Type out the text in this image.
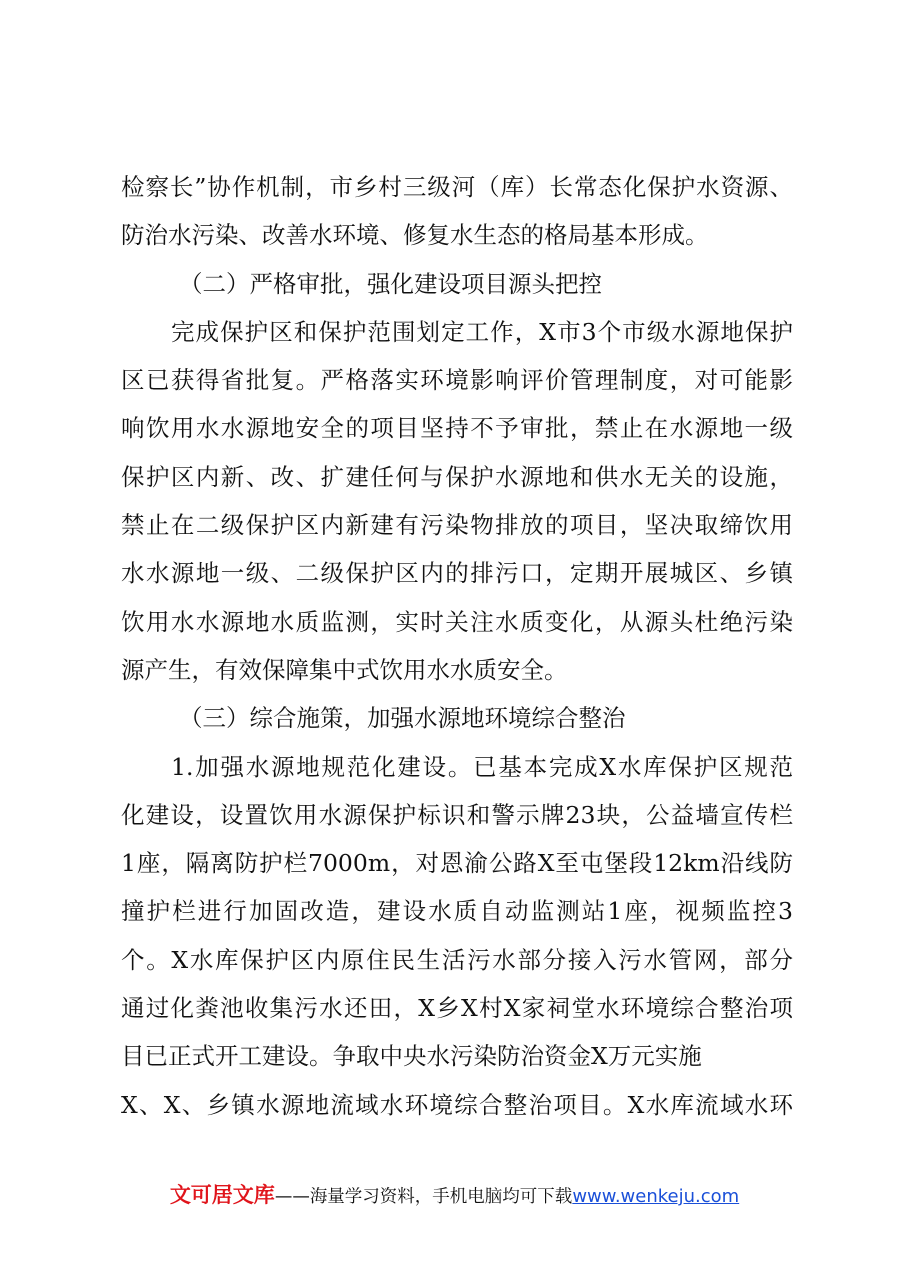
检察长”协作机制，市乡村三级河（库）长常态化保护水资源、
防治水污染、改善水环境、修复水生态的格局基本形成。
（二）严格审批，强化建设项目源头把控
完成保护区和保护范围划定工作，X市3个市级水源地保护
区已获得省批复。严格落实环境影响评价管理制度，对可能影
响饮用水水源地安全的项目坚持不予审批，禁止在水源地一级
保护区内新、改、扩建任何与保护水源地和供水无关的设施，
禁止在二级保护区内新建有污染物排放的项目，坚决取缔饮用
水水源地一级、二级保护区内的排污口，定期开展城区、乡镇
饮用水水源地水质监测，实时关注水质变化，从源头杜绝污染
源产生，有效保障集中式饮用水水质安全。
（三）综合施策，加强水源地环境综合整治
1.加强水源地规范化建设。已基本完成X水库保护区规范
化建设，设置饮用水源保护标识和警示牌23块，公益墙宣传栏
1座，隔离防护栏7000m，对恩渝公路X至屯堡段12km沿线防
撞护栏进行加固改造，建设水质自动监测站1座，视频监控3
个。X水库保护区内原住民生活污水部分接入污水管网，部分
通过化粪池收集污水还田，X乡X村X家祠堂水环境综合整治项
目已正式开工建设。争取中央水污染防治资金X万元实施
X、X、乡镇水源地流域水环境综合整治项目。X水库流域水环
文可居文库——海量学习资料，手机电脑均可下载www.wenkeju.com
